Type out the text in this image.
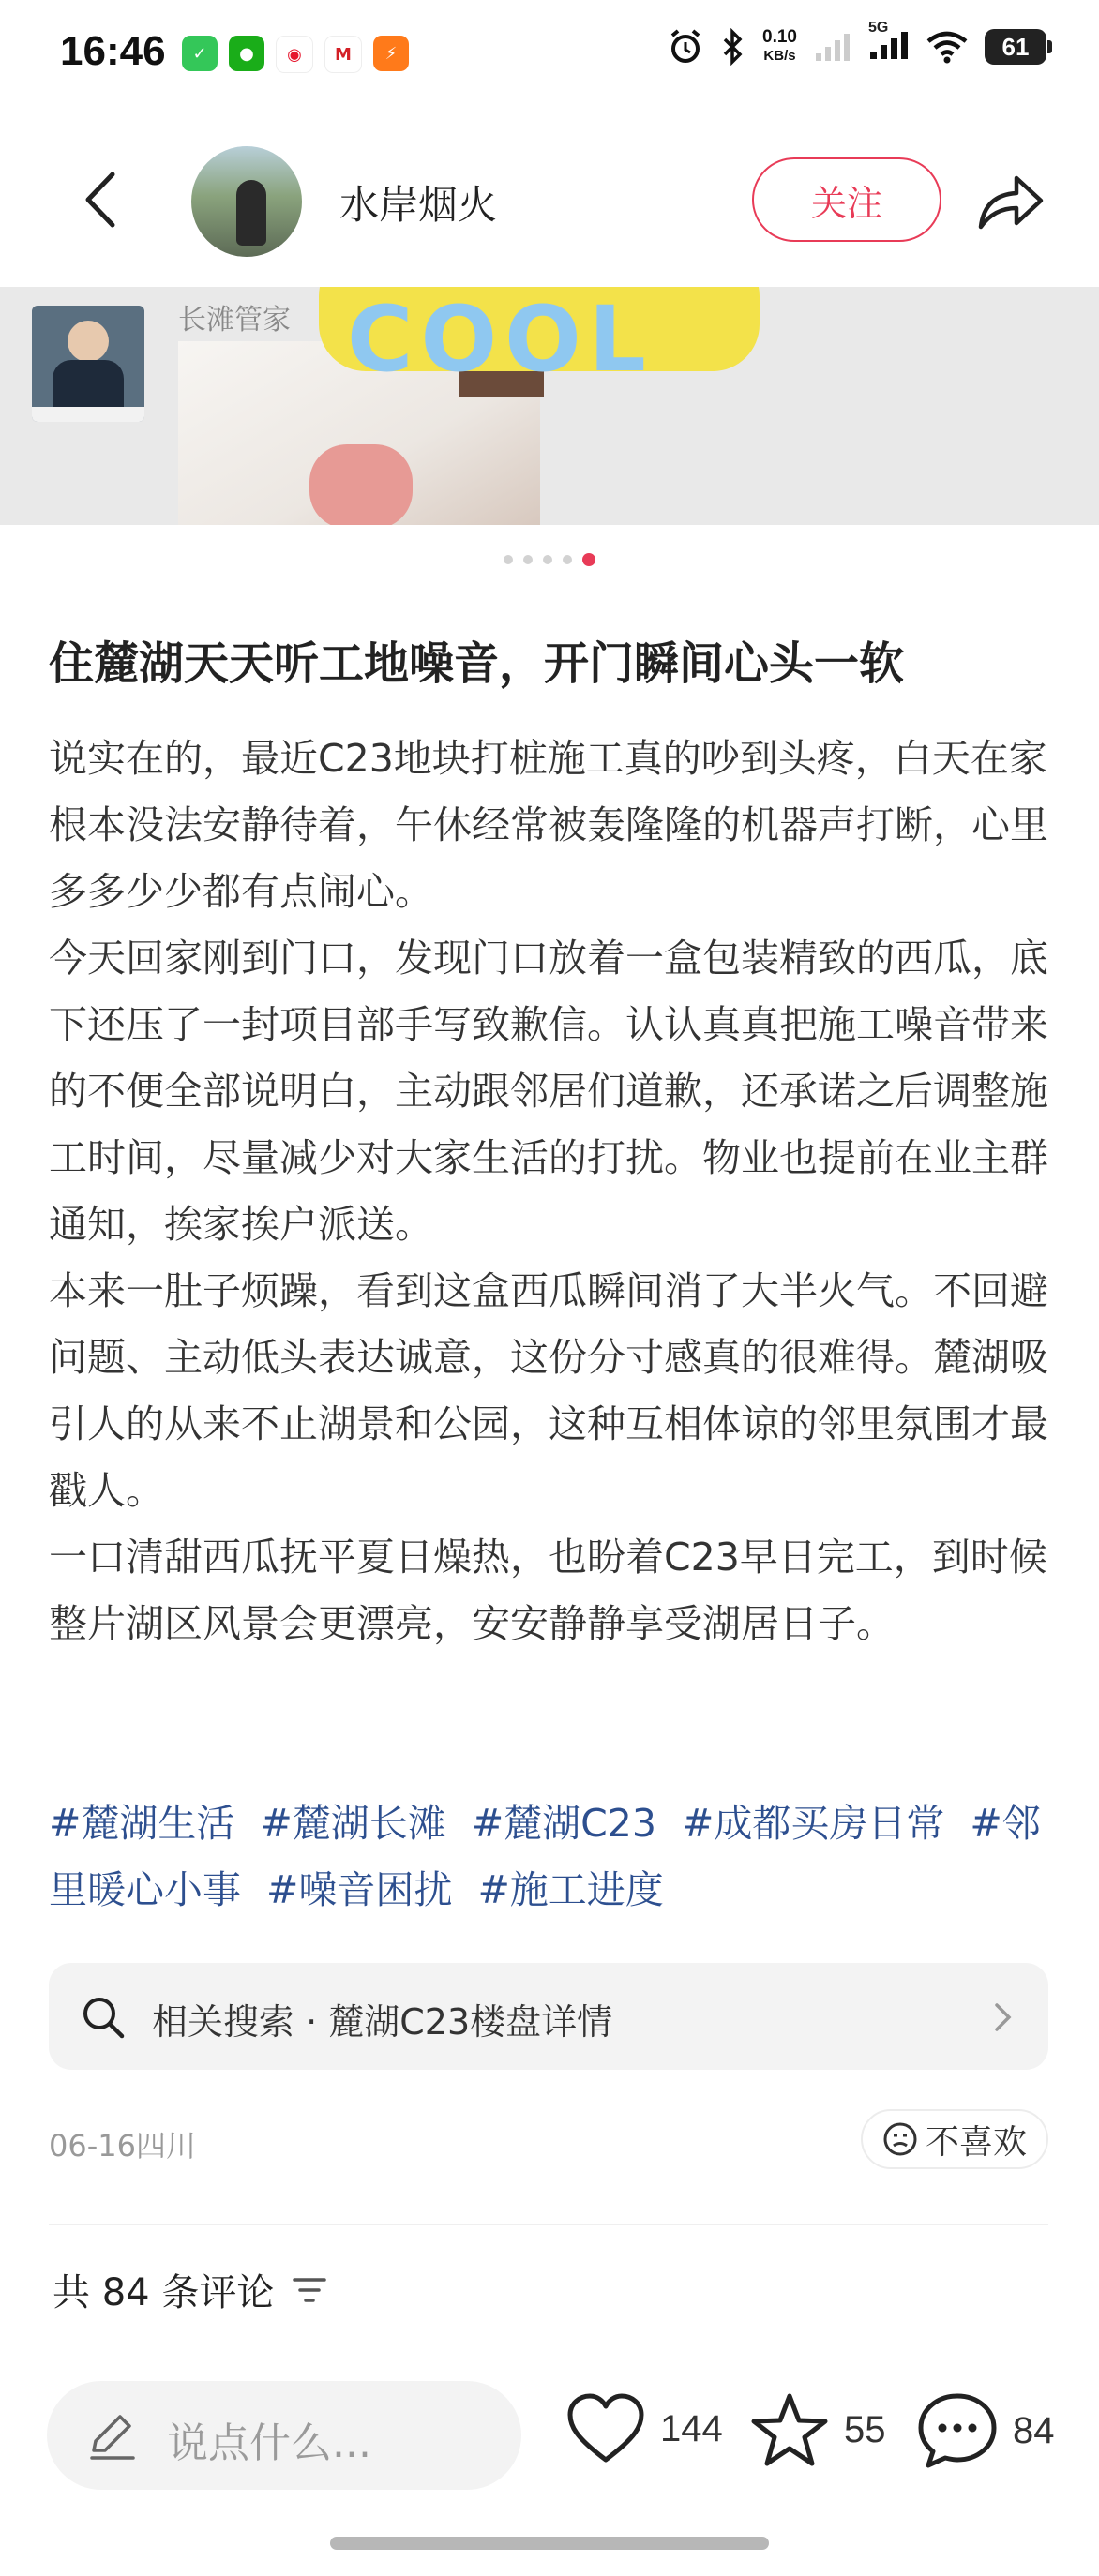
16:46	✓	●	◉	M	⚡
0.10
KB/s
5G
61
水岸烟火	关注
长滩管家 COOL
住麓湖天天听工地噪音，开门瞬间心头一软

说实在的，最近C23地块打桩施工真的吵到头疼，白天在家根本没法安静待着，午休经常被轰隆隆的机器声打断，心里多多少少都有点闹心。

今天回家刚到门口，发现门口放着一盒包装精致的西瓜，底下还压了一封项目部手写致歉信。认认真真把施工噪音带来的不便全部说明白，主动跟邻居们道歉，还承诺之后调整施工时间，尽量减少对大家生活的打扰。物业也提前在业主群通知，挨家挨户派送。

本来一肚子烦躁，看到这盒西瓜瞬间消了大半火气。不回避问题、主动低头表达诚意，这份分寸感真的很难得。麓湖吸引人的从来不止湖景和公园，这种互相体谅的邻里氛围才最戳人。

一口清甜西瓜抚平夏日燥热，也盼着C23早日完工，到时候整片湖区风景会更漂亮，安安静静享受湖居日子。

#麓湖生活 #麓湖长滩 #麓湖C23 #成都买房日常 #邻里暖心小事 #噪音困扰 #施工进度
相关搜索 · 麓湖C23楼盘详情
06-16四川	不喜欢
共 84 条评论
说点什么...	144	55	84
